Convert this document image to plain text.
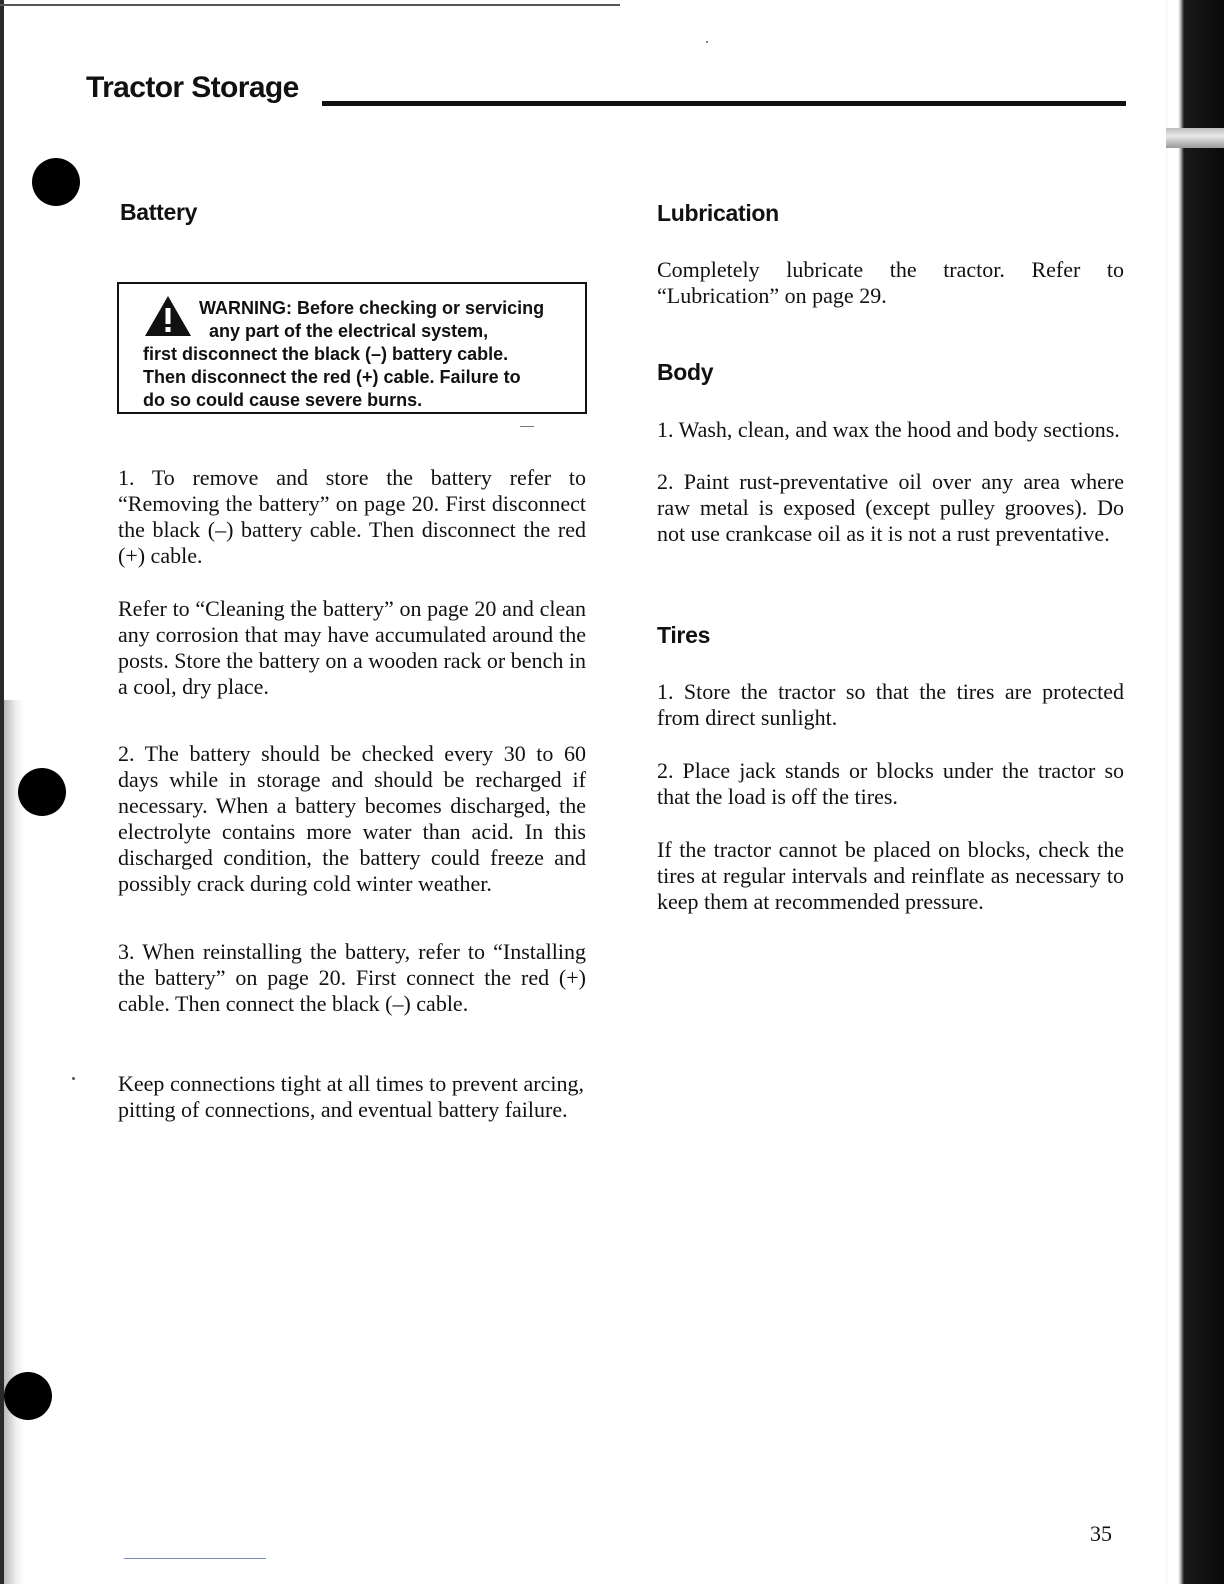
Tractor Storage
Battery
WARNING: Before checking or servicing
any part of the electrical system,
first disconnect the black (–) battery cable.
Then disconnect the red (+) cable. Failure to
do so could cause severe burns.

1. To remove and store the battery refer to “Removing the battery” on page 20. First disconnect the black (–) battery cable. Then disconnect the red (+) cable.

Refer to “Cleaning the battery” on page 20 and clean any corrosion that may have accumulated around the posts. Store the battery on a wooden rack or bench in a cool, dry place.

2. The battery should be checked every 30 to 60 days while in storage and should be recharged if necessary. When a battery becomes discharged, the electrolyte contains more water than acid. In this discharged condition, the battery could freeze and possibly crack during cold winter weather.

3. When reinstalling the battery, refer to “Installing the battery” on page 20. First connect the red (+) cable. Then connect the black (–) cable.

Keep connections tight at all times to prevent arcing, pitting of connections, and eventual battery failure.

Lubrication

Completely lubricate the tractor. Refer to “Lubrication” on page 29.

Body

1. Wash, clean, and wax the hood and body sections.

2. Paint rust-preventative oil over any area where raw metal is exposed (except pulley grooves). Do not use crankcase oil as it is not a rust preventative.

Tires

1. Store the tractor so that the tires are protected from direct sunlight.

2. Place jack stands or blocks under the tractor so that the load is off the tires.

If the tractor cannot be placed on blocks, check the tires at regular intervals and reinflate as necessary to keep them at recommended pressure.

35
